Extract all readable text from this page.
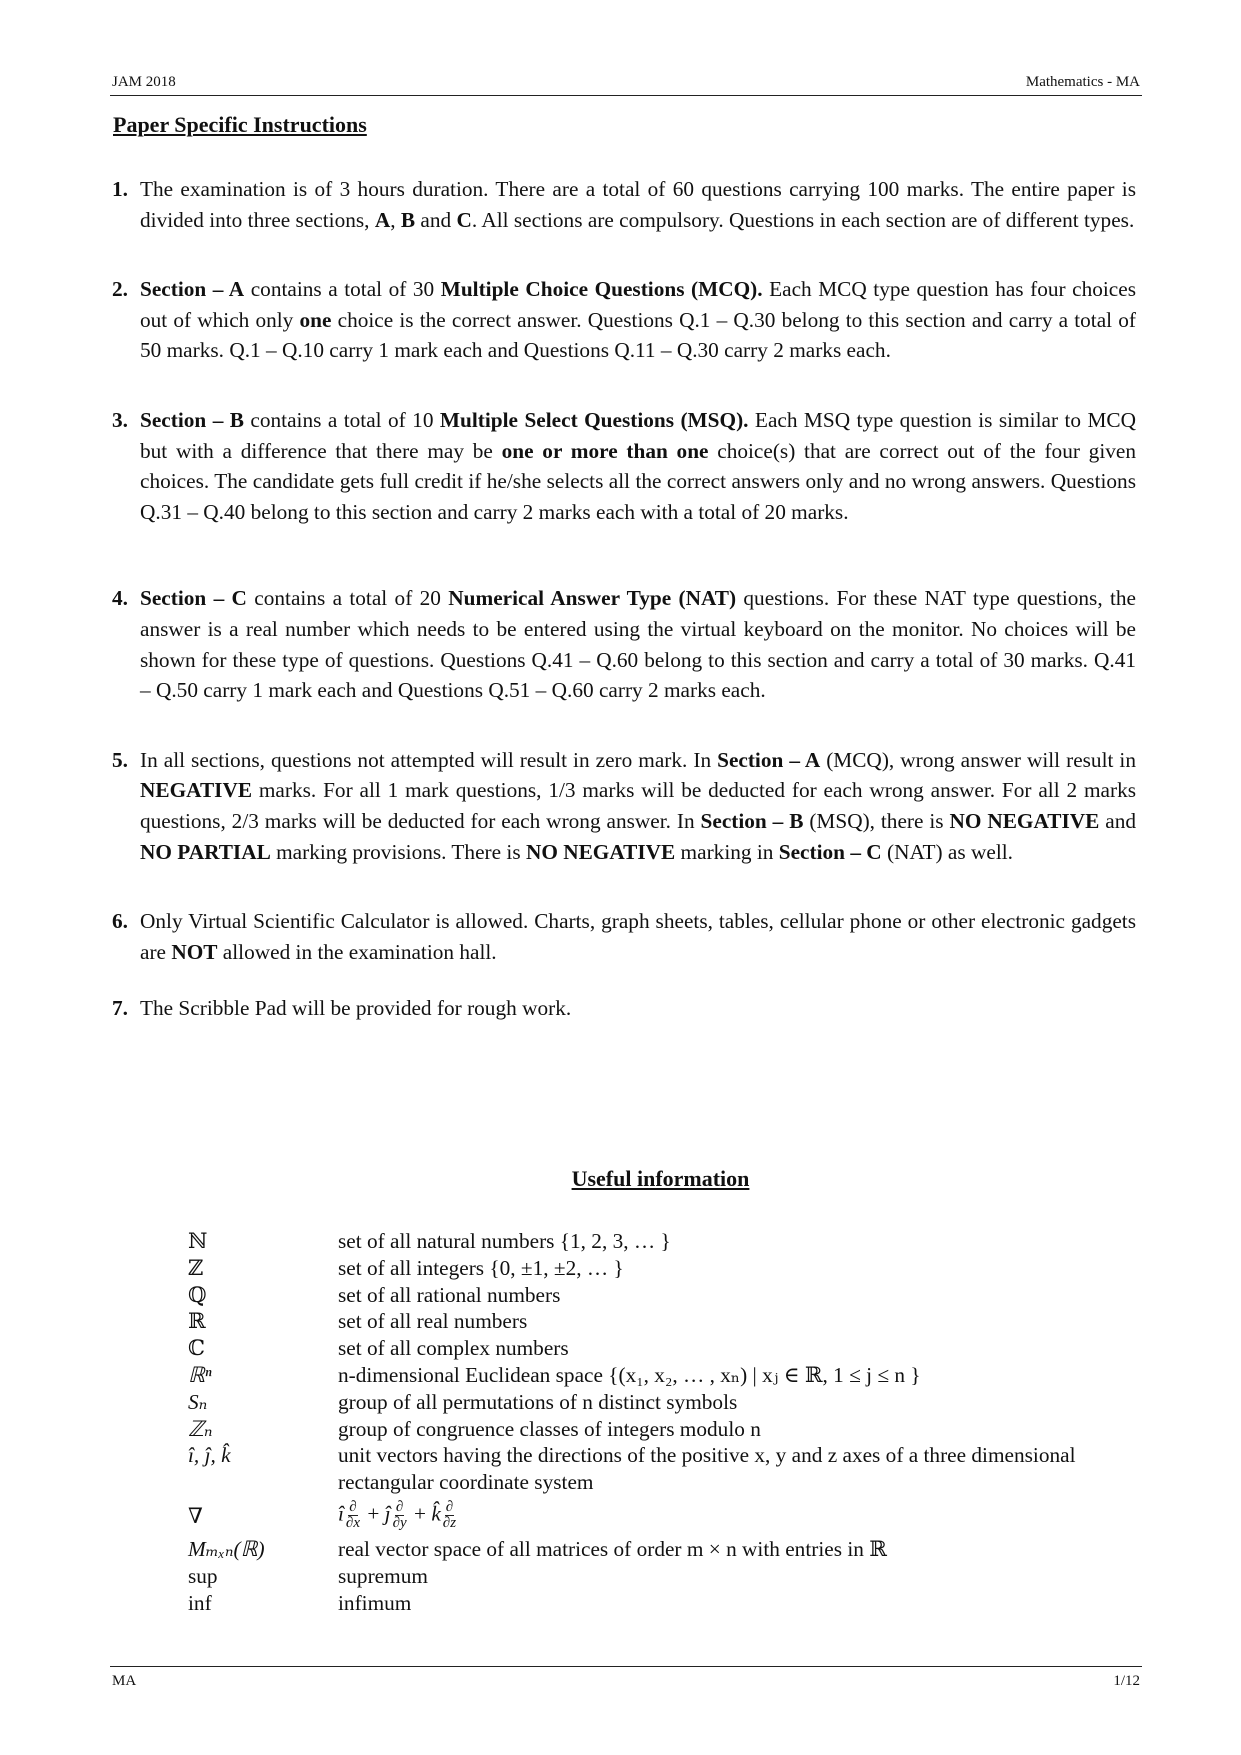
JAM 2018	Mathematics - MA
Paper Specific Instructions
1. The examination is of 3 hours duration. There are a total of 60 questions carrying 100 marks. The entire paper is divided into three sections, A, B and C. All sections are compulsory. Questions in each section are of different types.
2. Section – A contains a total of 30 Multiple Choice Questions (MCQ). Each MCQ type question has four choices out of which only one choice is the correct answer. Questions Q.1 – Q.30 belong to this section and carry a total of 50 marks. Q.1 – Q.10 carry 1 mark each and Questions Q.11 – Q.30 carry 2 marks each.
3. Section – B contains a total of 10 Multiple Select Questions (MSQ). Each MSQ type question is similar to MCQ but with a difference that there may be one or more than one choice(s) that are correct out of the four given choices. The candidate gets full credit if he/she selects all the correct answers only and no wrong answers. Questions Q.31 – Q.40 belong to this section and carry 2 marks each with a total of 20 marks.
4. Section – C contains a total of 20 Numerical Answer Type (NAT) questions. For these NAT type questions, the answer is a real number which needs to be entered using the virtual keyboard on the monitor. No choices will be shown for these type of questions. Questions Q.41 – Q.60 belong to this section and carry a total of 30 marks. Q.41 – Q.50 carry 1 mark each and Questions Q.51 – Q.60 carry 2 marks each.
5. In all sections, questions not attempted will result in zero mark. In Section – A (MCQ), wrong answer will result in NEGATIVE marks. For all 1 mark questions, 1/3 marks will be deducted for each wrong answer. For all 2 marks questions, 2/3 marks will be deducted for each wrong answer. In Section – B (MSQ), there is NO NEGATIVE and NO PARTIAL marking provisions. There is NO NEGATIVE marking in Section – C (NAT) as well.
6. Only Virtual Scientific Calculator is allowed. Charts, graph sheets, tables, cellular phone or other electronic gadgets are NOT allowed in the examination hall.
7. The Scribble Pad will be provided for rough work.
Useful information
ℕ	set of all natural numbers {1, 2, 3, … }
ℤ	set of all integers {0, ±1, ±2, … }
ℚ	set of all rational numbers
ℝ	set of all real numbers
ℂ	set of all complex numbers
ℝⁿ	n-dimensional Euclidean space {(x₁, x₂, … , xₙ) | xⱼ ∈ ℝ, 1 ≤ j ≤ n }
Sₙ	group of all permutations of n distinct symbols
ℤₙ	group of congruence classes of integers modulo n
î, ĵ, k̂	unit vectors having the directions of the positive x, y and z axes of a three dimensional rectangular coordinate system
∇	î $\frac{\partial}{\partial x}$ + ĵ $\frac{\partial}{\partial y}$ + k̂ $\frac{\partial}{\partial z}$
Mₘₓₙ(ℝ)	real vector space of all matrices of order m × n with entries in ℝ
sup	supremum
inf	infimum
MA	1/12
